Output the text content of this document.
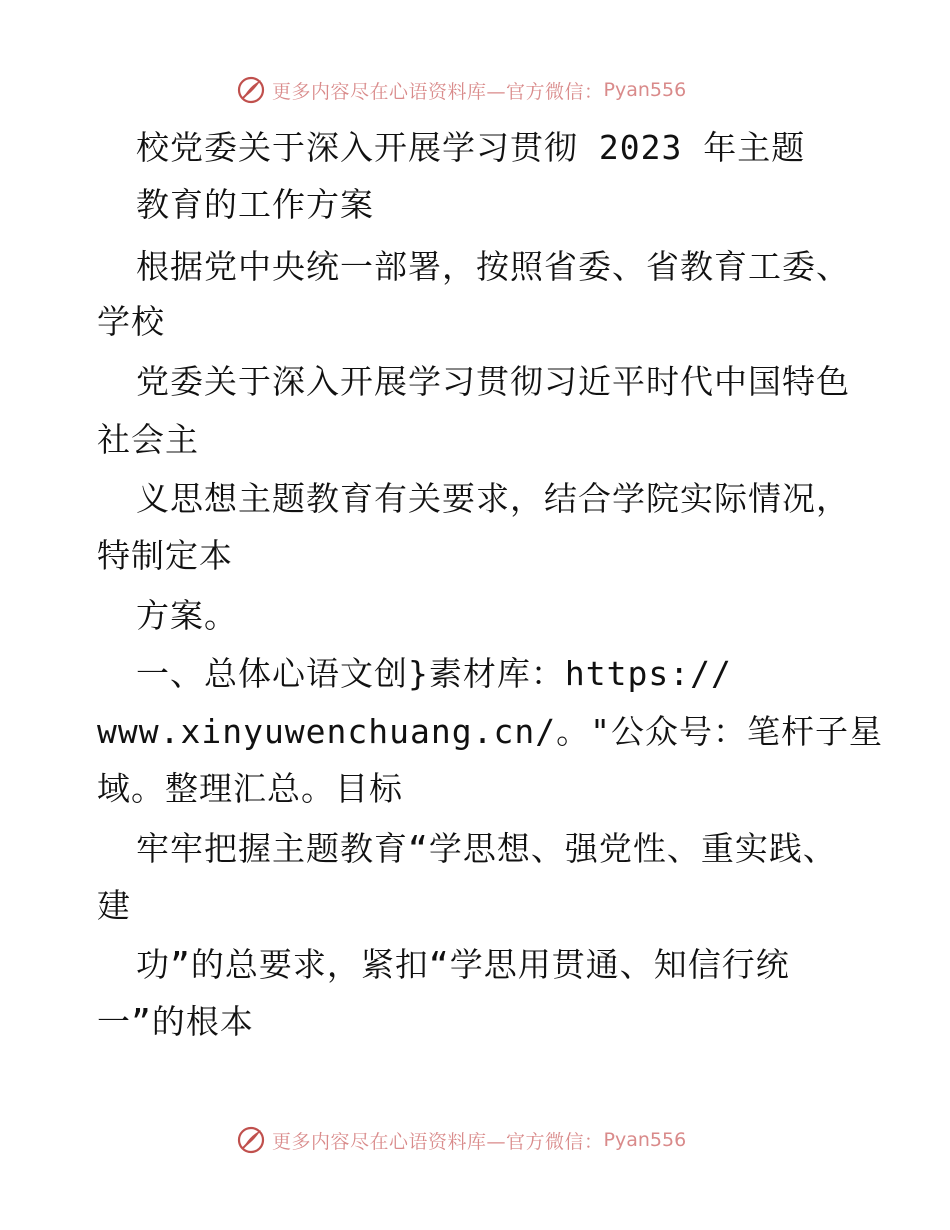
更多内容尽在心语资料库—官方微信： Pyan556
校党委关于深入开展学习贯彻 2023 年主题
教育的工作方案
根据党中央统一部署，按照省委、省教育工委、
学校
党委关于深入开展学习贯彻习近平时代中国特色
社会主
义思想主题教育有关要求，结合学院实际情况，
特制定本
方案。
一、总体心语文创}素材库：https://
www.xinyuwenchuang.cn/。"公众号：笔杆子星
域。整理汇总。目标
牢牢把握主题教育“学思想、强党性、重实践、
建
功”的总要求，紧扣“学思用贯通、知信行统
一”的根本
更多内容尽在心语资料库—官方微信： Pyan556
